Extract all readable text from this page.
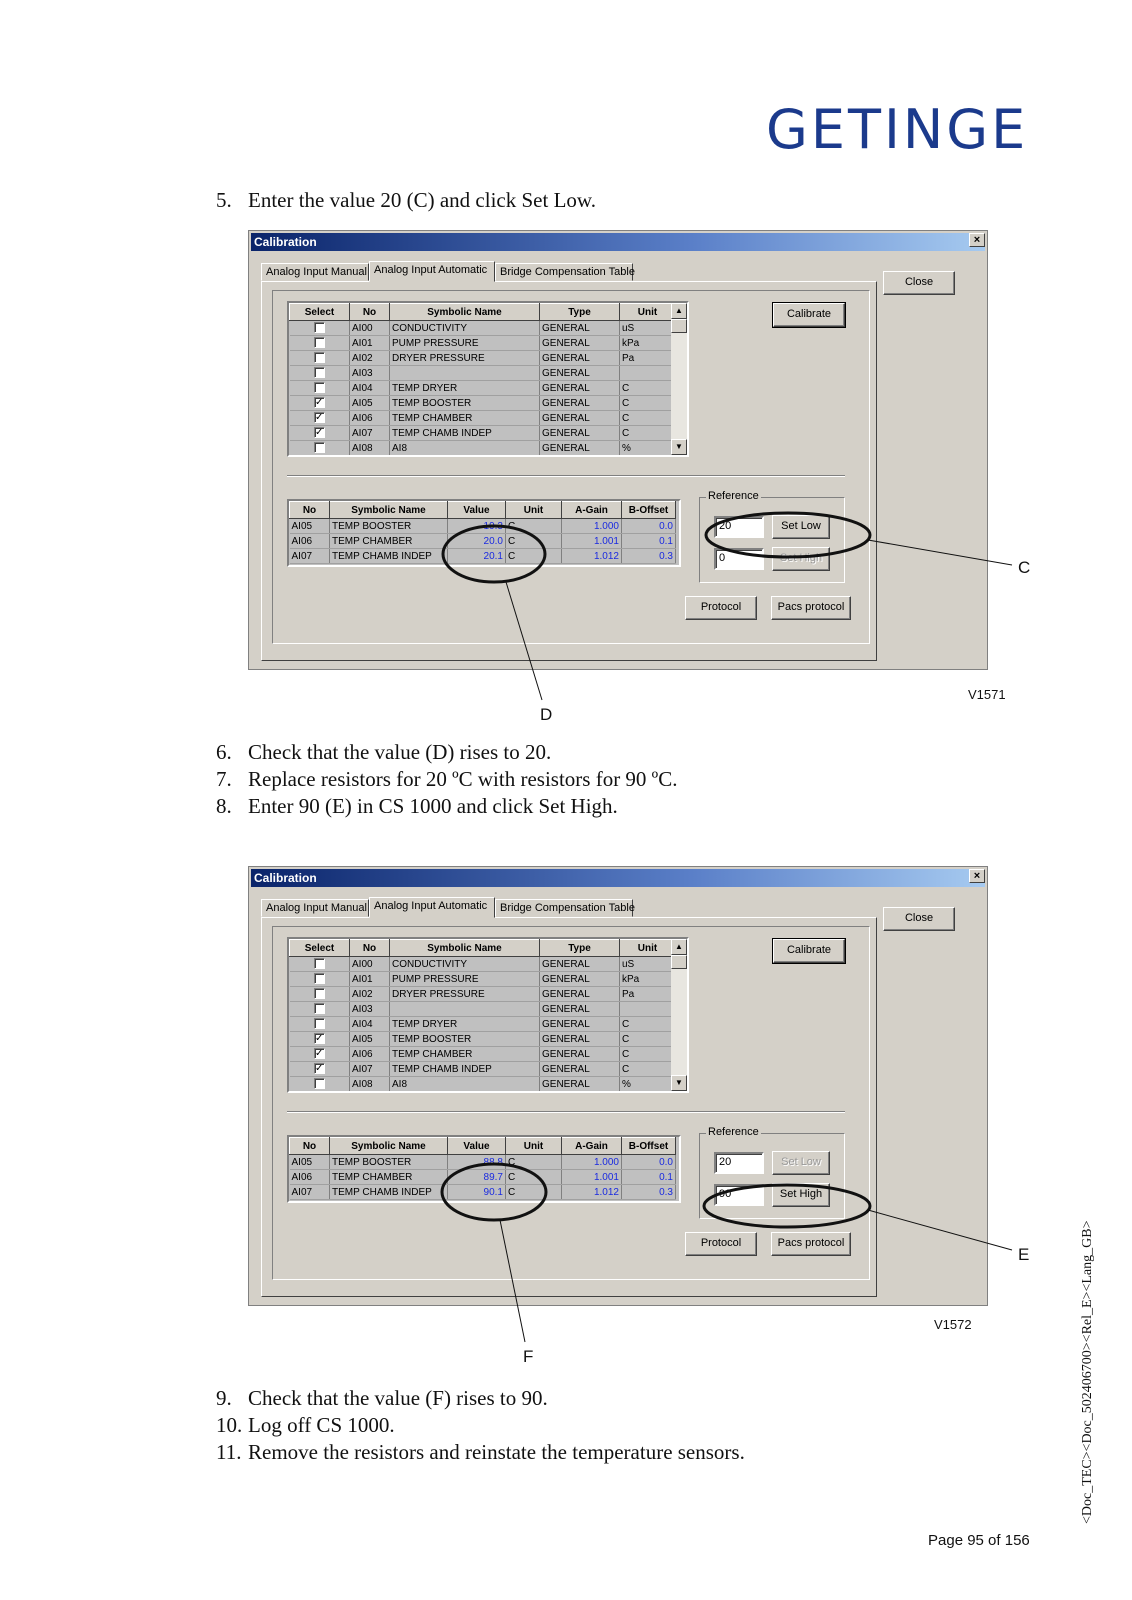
GETINGE
5. Enter the value 20 (C) and click Set Low.
Calibration	×
Analog Input Manual Analog Input Automatic	Bridge Compensation Table
Close
Select	No	Symbolic Name	Type	Unit
	AI00	CONDUCTIVITY	GENERAL	uS
	AI01	PUMP PRESSURE	GENERAL	kPa
	AI02	DRYER PRESSURE	GENERAL	Pa
	AI03		GENERAL	
	AI04	TEMP DRYER	GENERAL	C
✓	AI05	TEMP BOOSTER	GENERAL	C
✓	AI06	TEMP CHAMBER	GENERAL	C
✓	AI07	TEMP CHAMB INDEP	GENERAL	C
	AI08	AI8	GENERAL	%
▲
▼
Calibrate
No	Symbolic Name	Value	Unit	A-Gain	B-Offset
AI05	TEMP BOOSTER	19.3	C	1.000	0.0
AI06	TEMP CHAMBER	20.0	C	1.001	0.1
AI07	TEMP CHAMB INDEP	20.1	C	1.012	0.3
Reference
20	Set Low
0	Set High
Protocol	Pacs protocol
V1571
C
D
6. Check that the value (D) rises to 20.
7. Replace resistors for 20 ºC with resistors for 90 ºC.
8. Enter 90 (E) in CS 1000 and click Set High.
Calibration	×
Analog Input Manual Analog Input Automatic	Bridge Compensation Table
Close
Select	No	Symbolic Name	Type	Unit
	AI00	CONDUCTIVITY	GENERAL	uS
	AI01	PUMP PRESSURE	GENERAL	kPa
	AI02	DRYER PRESSURE	GENERAL	Pa
	AI03		GENERAL	
	AI04	TEMP DRYER	GENERAL	C
✓	AI05	TEMP BOOSTER	GENERAL	C
✓	AI06	TEMP CHAMBER	GENERAL	C
✓	AI07	TEMP CHAMB INDEP	GENERAL	C
	AI08	AI8	GENERAL	%
▲
▼
Calibrate
No	Symbolic Name	Value	Unit	A-Gain	B-Offset
AI05	TEMP BOOSTER	88.8	C	1.000	0.0
AI06	TEMP CHAMBER	89.7	C	1.001	0.1
AI07	TEMP CHAMB INDEP	90.1	C	1.012	0.3
Reference
20	Set Low
90	Set High
Protocol	Pacs protocol
V1572
E
F
9. Check that the value (F) rises to 90.
10. Log off CS 1000.
11. Remove the resistors and reinstate the temperature sensors.
Page 95 of 156
<Doc_TEC><Doc_502406700><Rel_E><Lang_GB>
